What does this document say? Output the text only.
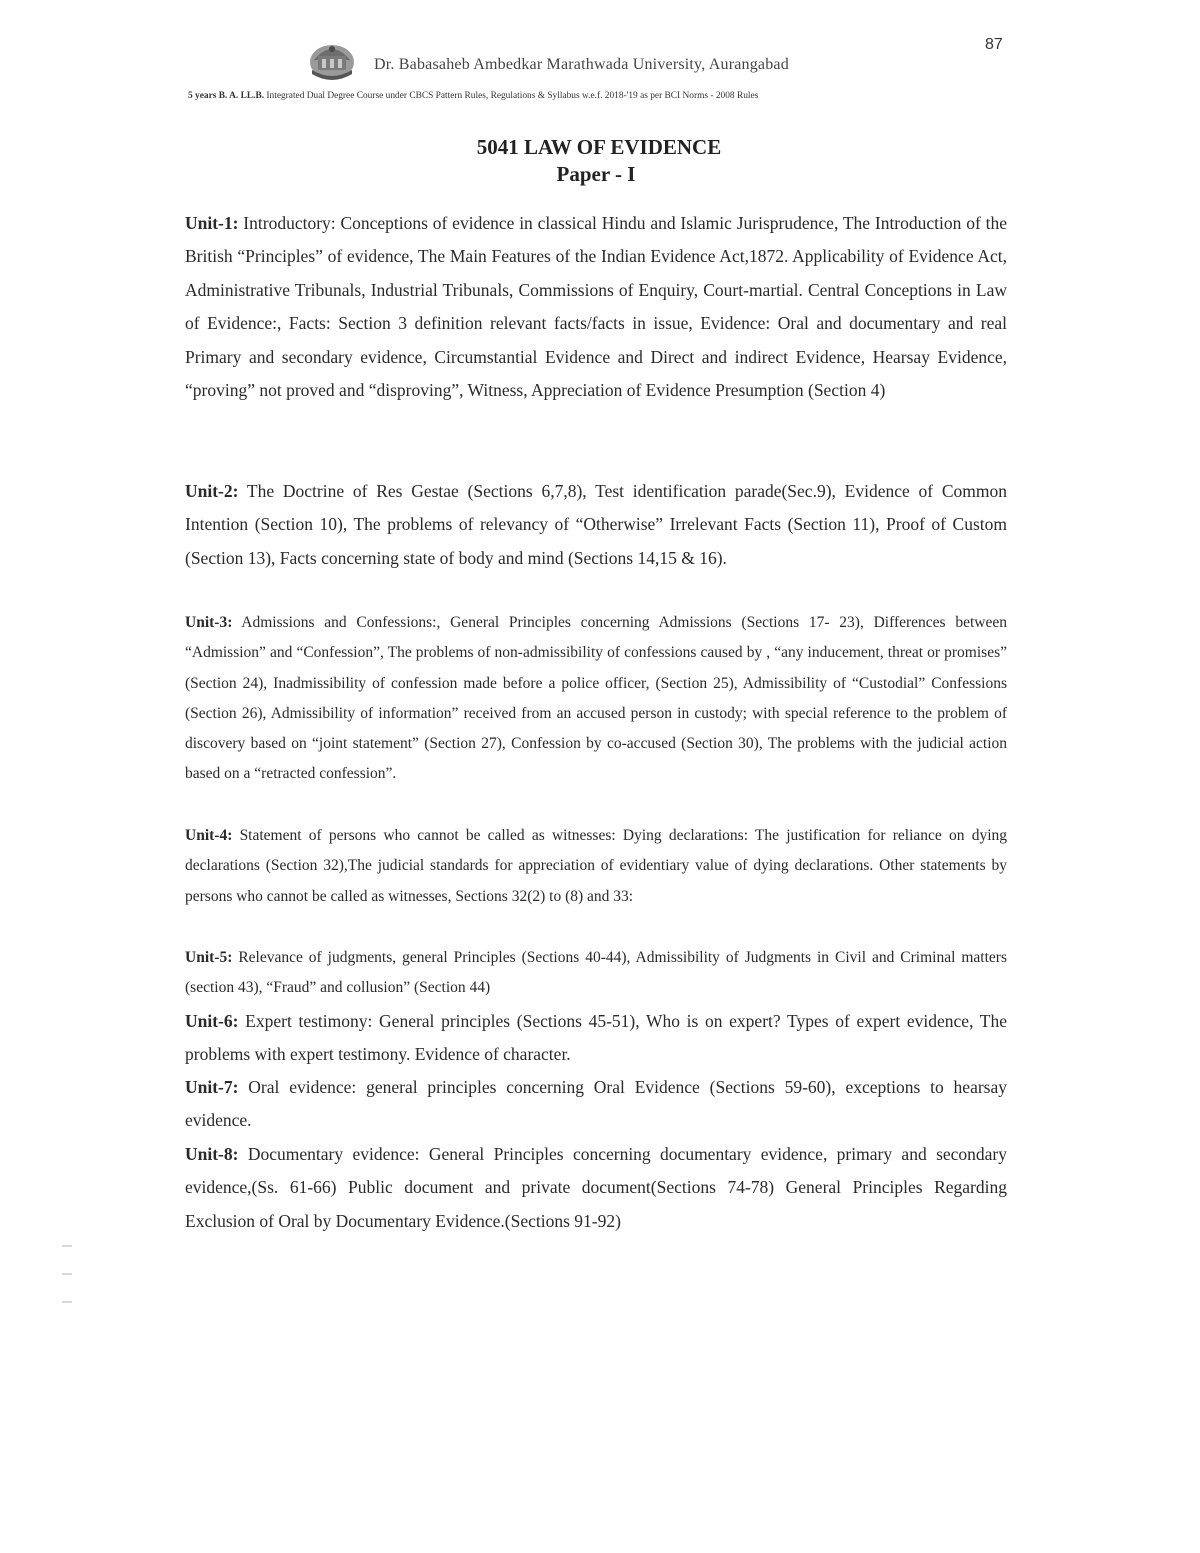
87
Dr. Babasaheb Ambedkar Marathwada University, Aurangabad
5 years B. A. LL.B. Integrated Dual Degree Course under CBCS Pattern Rules, Regulations & Syllabus w.e.f. 2018-'19 as per BCI Norms - 2008 Rules
5041 LAW OF EVIDENCE
Paper - I
Unit-1: Introductory: Conceptions of evidence in classical Hindu and Islamic Jurisprudence, The Introduction of the British “Principles” of evidence, The Main Features of the Indian Evidence Act,1872. Applicability of Evidence Act, Administrative Tribunals, Industrial Tribunals, Commissions of Enquiry, Court-martial. Central Conceptions in Law of Evidence:, Facts: Section 3 definition relevant facts/facts in issue, Evidence: Oral and documentary and real Primary and secondary evidence, Circumstantial Evidence and Direct and indirect Evidence, Hearsay Evidence, “proving” not proved and “disproving”, Witness, Appreciation of Evidence Presumption (Section 4)
Unit-2: The Doctrine of Res Gestae (Sections 6,7,8), Test identification parade(Sec.9), Evidence of Common Intention (Section 10), The problems of relevancy of “Otherwise” Irrelevant Facts (Section 11), Proof of Custom (Section 13), Facts concerning state of body and mind (Sections 14,15 & 16).
Unit-3: Admissions and Confessions:, General Principles concerning Admissions (Sections 17- 23), Differences between “Admission” and “Confession”, The problems of non-admissibility of confessions caused by , “any inducement, threat or promises” (Section 24), Inadmissibility of confession made before a police officer, (Section 25), Admissibility of “Custodial” Confessions (Section 26), Admissibility of information” received from an accused person in custody; with special reference to the problem of discovery based on “joint statement” (Section 27), Confession by co-accused (Section 30), The problems with the judicial action based on a “retracted confession”.
Unit-4: Statement of persons who cannot be called as witnesses: Dying declarations: The justification for reliance on dying declarations (Section 32),The judicial standards for appreciation of evidentiary value of dying declarations. Other statements by persons who cannot be called as witnesses, Sections 32(2) to (8) and 33:
Unit-5: Relevance of judgments, general Principles (Sections 40-44), Admissibility of Judgments in Civil and Criminal matters (section 43), “Fraud” and collusion” (Section 44)
Unit-6: Expert testimony: General principles (Sections 45-51), Who is on expert? Types of expert evidence, The problems with expert testimony. Evidence of character.
Unit-7: Oral evidence: general principles concerning Oral Evidence (Sections 59-60), exceptions to hearsay evidence.
Unit-8: Documentary evidence: General Principles concerning documentary evidence, primary and secondary evidence,(Ss. 61-66) Public document and private document(Sections 74-78) General Principles Regarding Exclusion of Oral by Documentary Evidence.(Sections 91-92)
